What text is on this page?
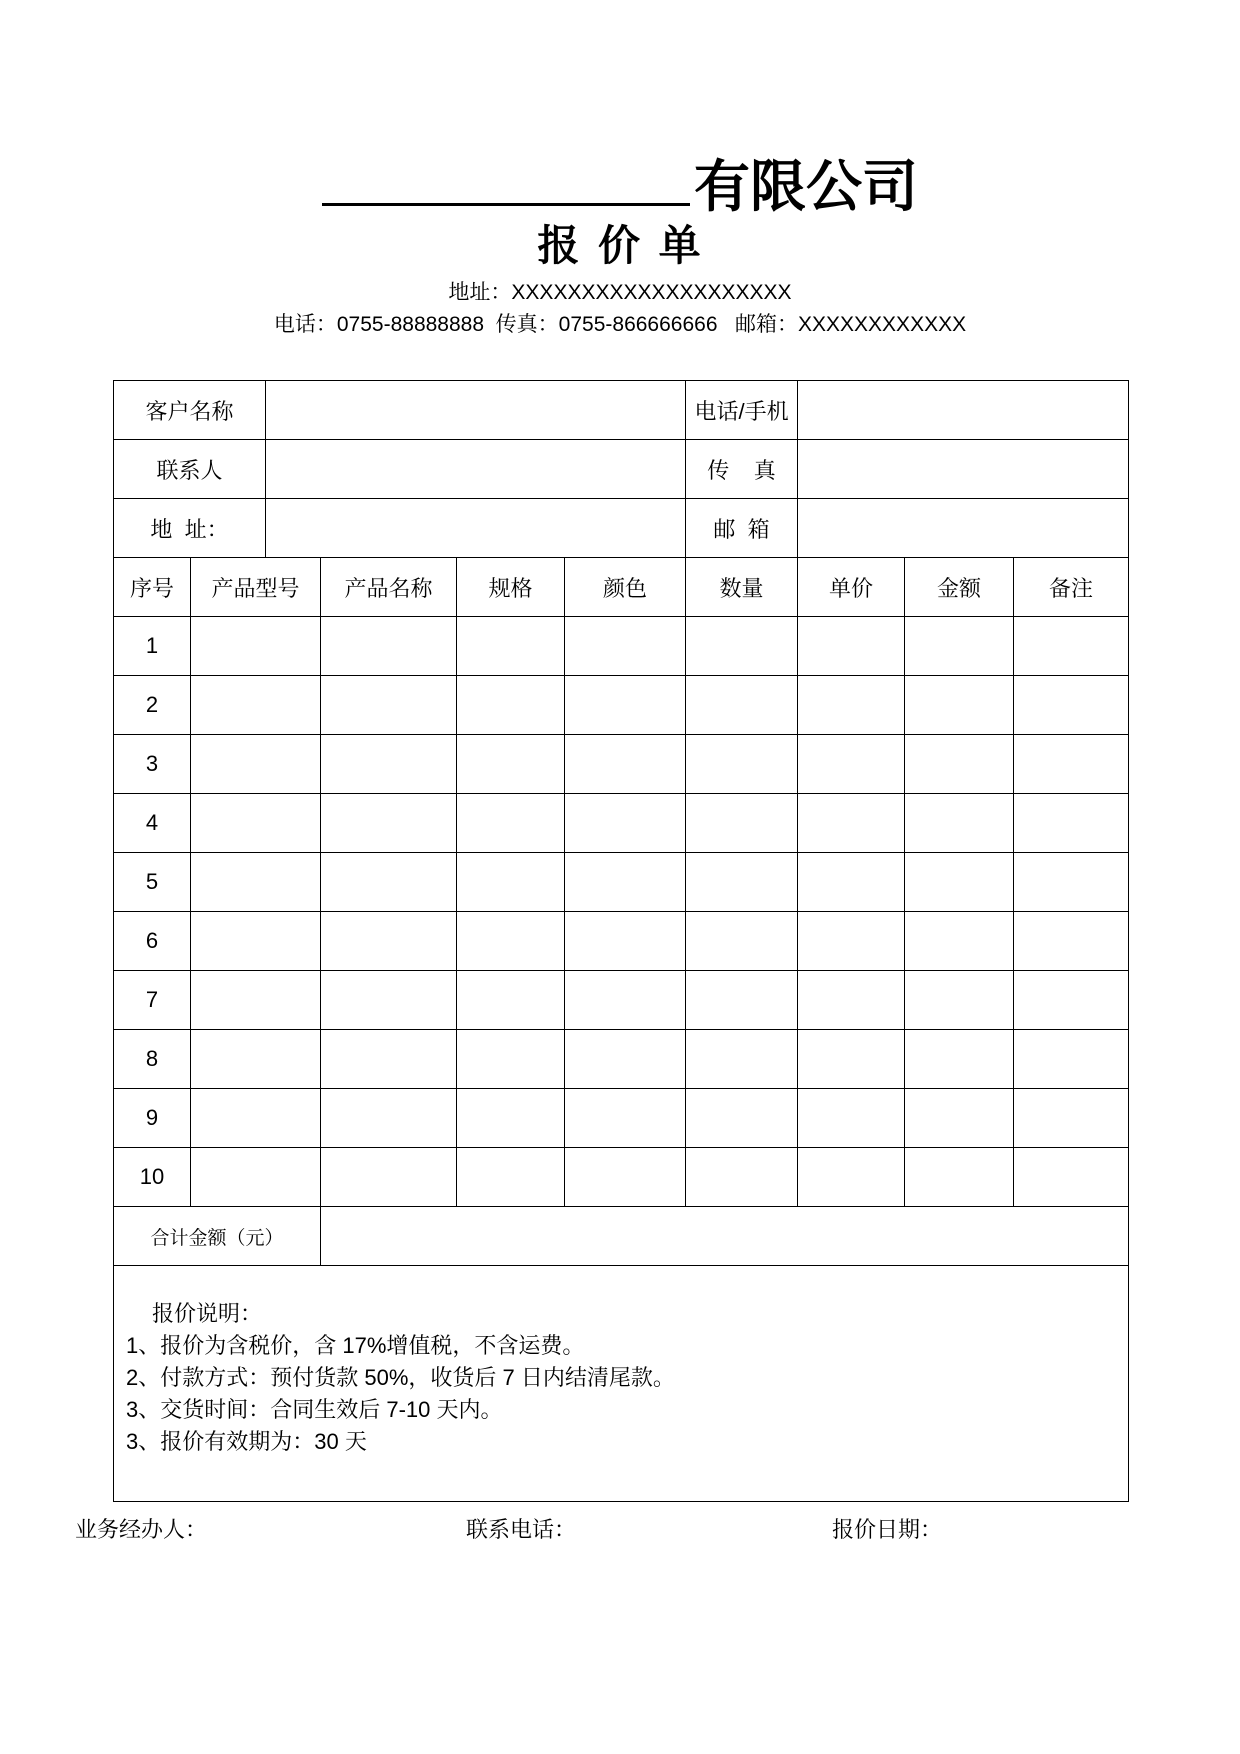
有限公司
报 价 单
地址：XXXXXXXXXXXXXXXXXXXX
电话：0755-88888888  传真：0755-866666666   邮箱：XXXXXXXXXXXX
客户名称						电话/手机			
联系人						传    真			
地  址：						邮  箱			
序号	产品型号		产品名称	规格	颜色	数量	单价	金额	备注
1									
2									
3									
4									
5									
6									
7									
8									
9									
10									
合计金额（元）									

报价说明：
1、报价为含税价，含 17%增值税，不含运费。
2、付款方式：预付货款 50%，收货后 7 日内结清尾款。
3、交货时间：合同生效后 7-10 天内。
3、报价有效期为：30 天									
业务经办人：	联系电话：	报价日期：
